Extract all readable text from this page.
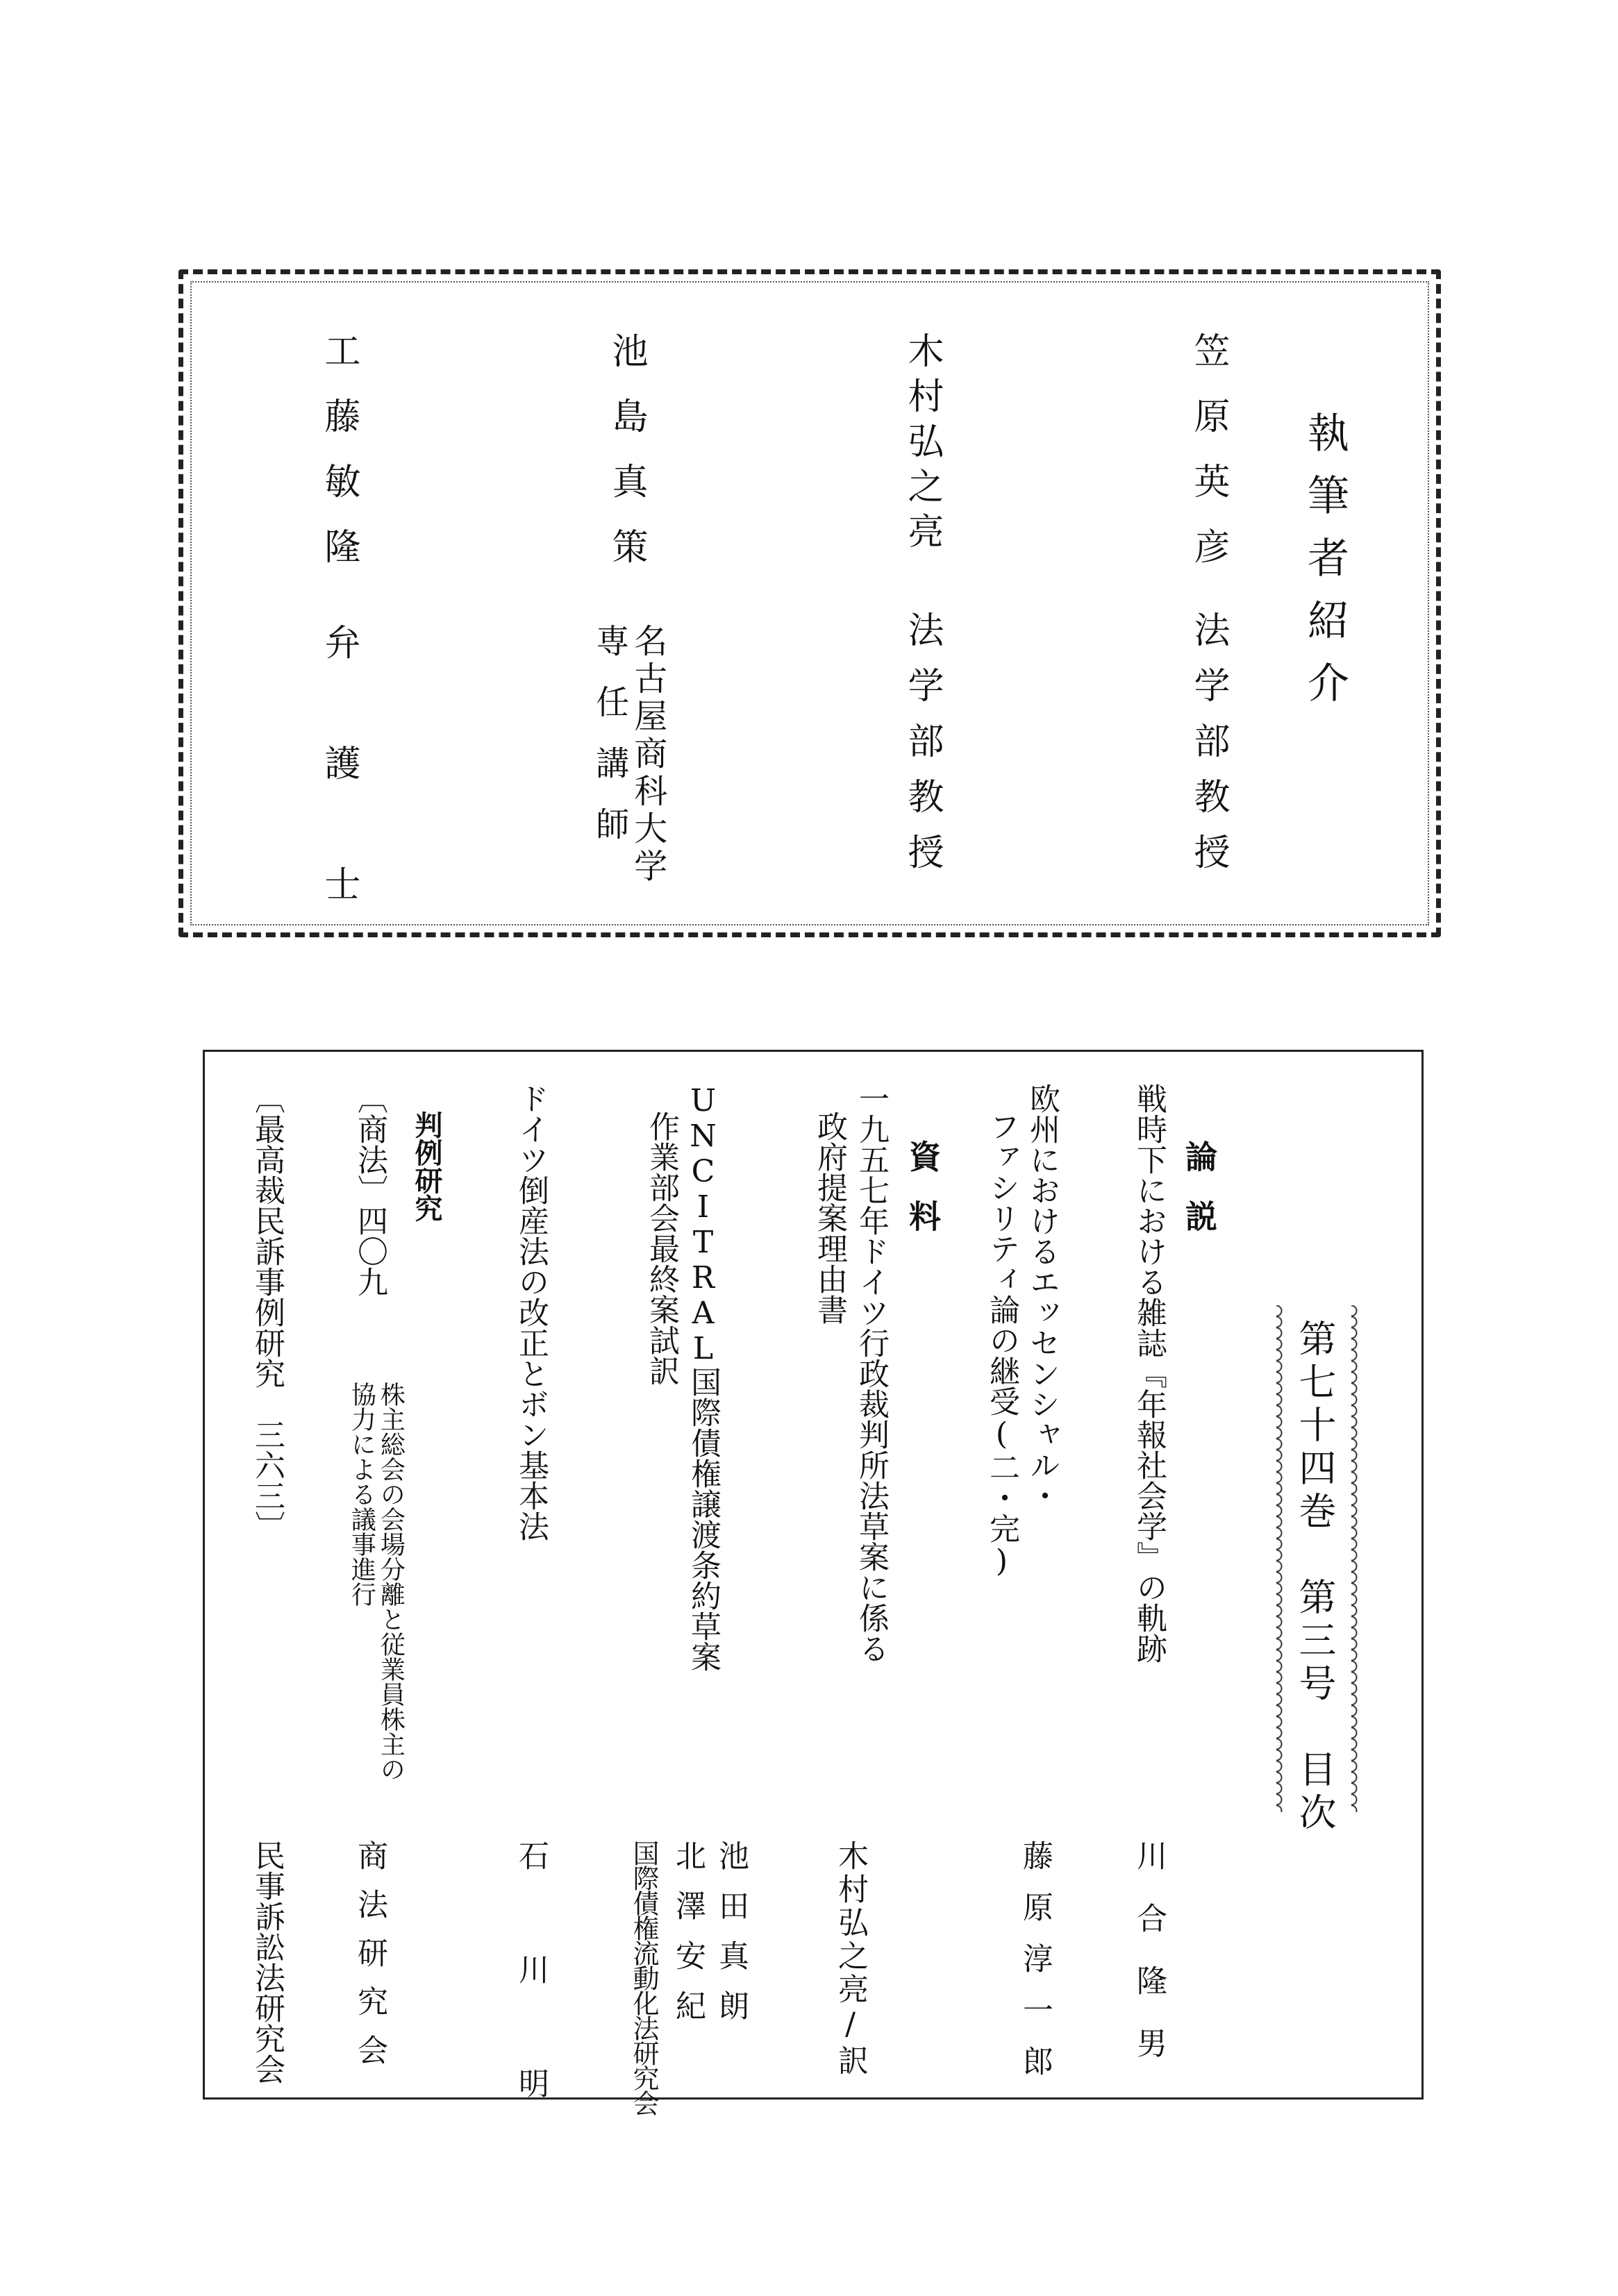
執筆者紹介
笠原英彦
法学部教授
木村弘之亮
法学部教授
池島真策
名古屋商科大学
専任講師
工藤敏隆
弁護士
第七十四巻　第三号　目次
論説
戦時下における雑誌『年報社会学』の軌跡
川合隆男
欧州におけるエッセンシャル・
ファシリティ論の継受(二・完)
藤原淳一郎
資料
一九五七年ドイツ行政裁判所法草案に係る
政府提案理由書
木村弘之亮/訳
UNCITRAL国際債権譲渡条約草案
作業部会最終案試訳
池田真朗
北澤安紀
国際債権流動化法研究会
ドイツ倒産法の改正とボン基本法
石川明
判例研究
〔商法〕四〇九
株主総会の会場分離と従業員株主の
協力による議事進行
商法研究会
〔最高裁民訴事例研究　三六三〕
民事訴訟法研究会
